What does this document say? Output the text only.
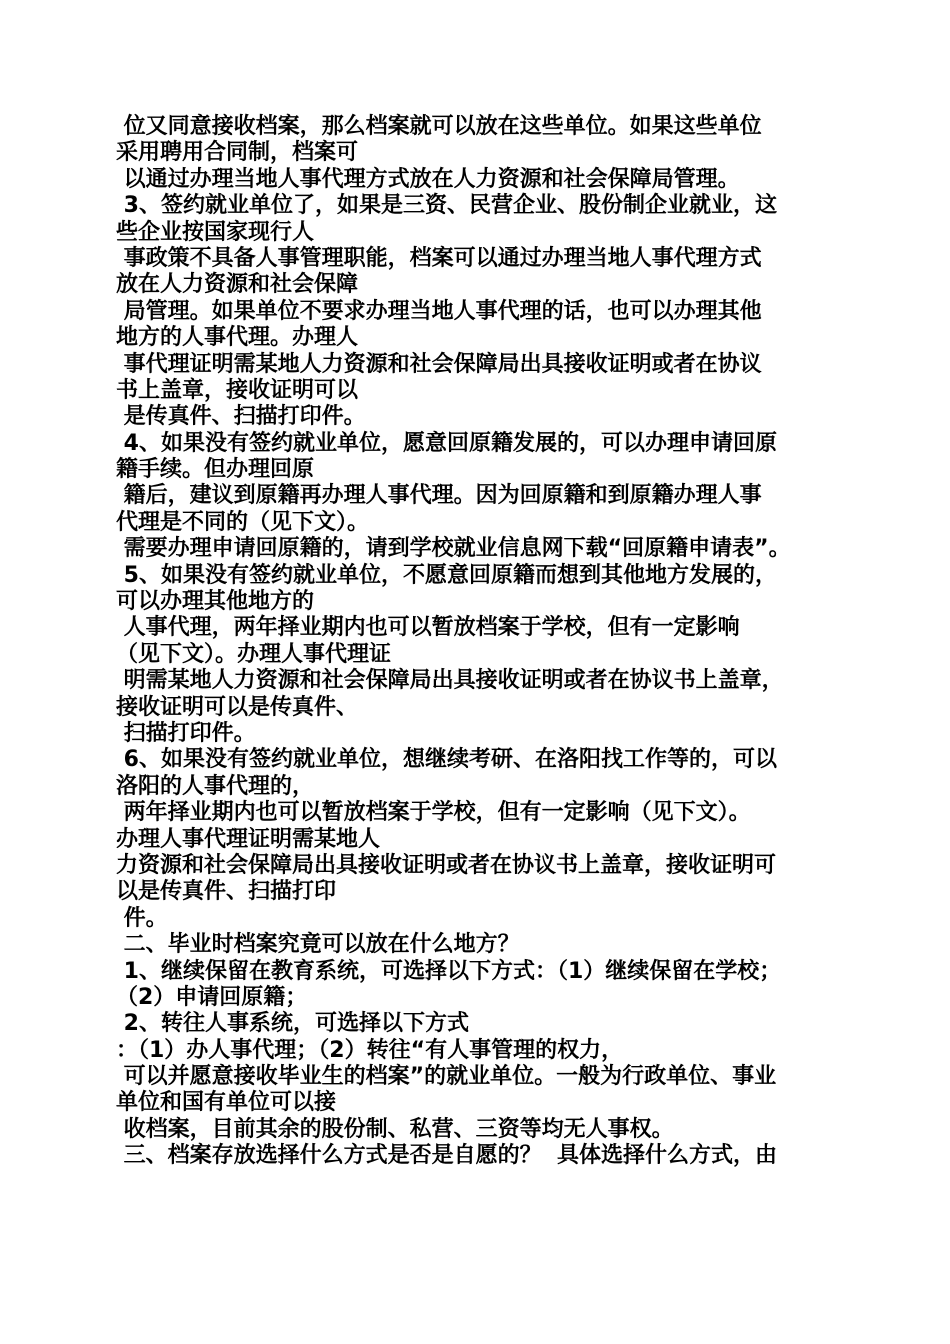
位又同意接收档案，那么档案就可以放在这些单位。如果这些单位
采用聘用合同制，档案可
以通过办理当地人事代理方式放在人力资源和社会保障局管理。
3、签约就业单位了，如果是三资、民营企业、股份制企业就业，这
些企业按国家现行人
事政策不具备人事管理职能，档案可以通过办理当地人事代理方式
放在人力资源和社会保障
局管理。如果单位不要求办理当地人事代理的话，也可以办理其他
地方的人事代理。办理人
事代理证明需某地人力资源和社会保障局出具接收证明或者在协议
书上盖章，接收证明可以
是传真件、扫描打印件。
4、如果没有签约就业单位，愿意回原籍发展的，可以办理申请回原
籍手续。但办理回原
籍后，建议到原籍再办理人事代理。因为回原籍和到原籍办理人事
代理是不同的（见下文）。
需要办理申请回原籍的，请到学校就业信息网下载“回原籍申请表”。
5、如果没有签约就业单位，不愿意回原籍而想到其他地方发展的，
可以办理其他地方的
人事代理，两年择业期内也可以暂放档案于学校，但有一定影响
（见下文）。办理人事代理证
明需某地人力资源和社会保障局出具接收证明或者在协议书上盖章，
接收证明可以是传真件、
扫描打印件。
6、如果没有签约就业单位，想继续考研、在洛阳找工作等的，可以
洛阳的人事代理的，
两年择业期内也可以暂放档案于学校，但有一定影响（见下文）。
办理人事代理证明需某地人
力资源和社会保障局出具接收证明或者在协议书上盖章，接收证明可
以是传真件、扫描打印
件。
二、毕业时档案究竟可以放在什么地方？
1、继续保留在教育系统，可选择以下方式：（1）继续保留在学校；
（2）申请回原籍；
2、转往人事系统，可选择以下方式
：（1）办人事代理；（2）转往“有人事管理的权力，
可以并愿意接收毕业生的档案”的就业单位。一般为行政单位、事业
单位和国有单位可以接
收档案，目前其余的股份制、私营、三资等均无人事权。
三、档案存放选择什么方式是否是自愿的？  具体选择什么方式，由
